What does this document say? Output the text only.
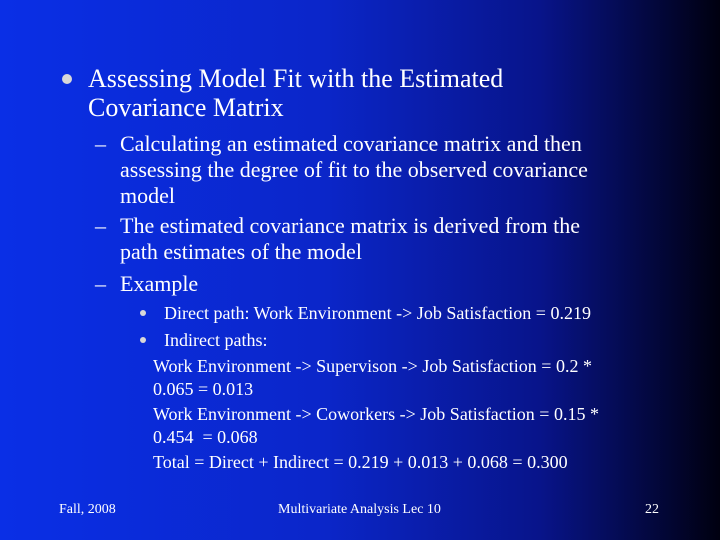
Assessing Model Fit with the Estimated
Covariance Matrix
– Calculating an estimated covariance matrix and then
assessing the degree of fit to the observed covariance
model
– The estimated covariance matrix is derived from the
path estimates of the model
– Example
Direct path: Work Environment -> Job Satisfaction = 0.219
Indirect paths:
Work Environment -> Supervison -> Job Satisfaction = 0.2 *
0.065 = 0.013
Work Environment -> Coworkers -> Job Satisfaction = 0.15 *
0.454  = 0.068
Total = Direct + Indirect = 0.219 + 0.013 + 0.068 = 0.300
Fall, 2008	Multivariate Analysis Lec 10	22
